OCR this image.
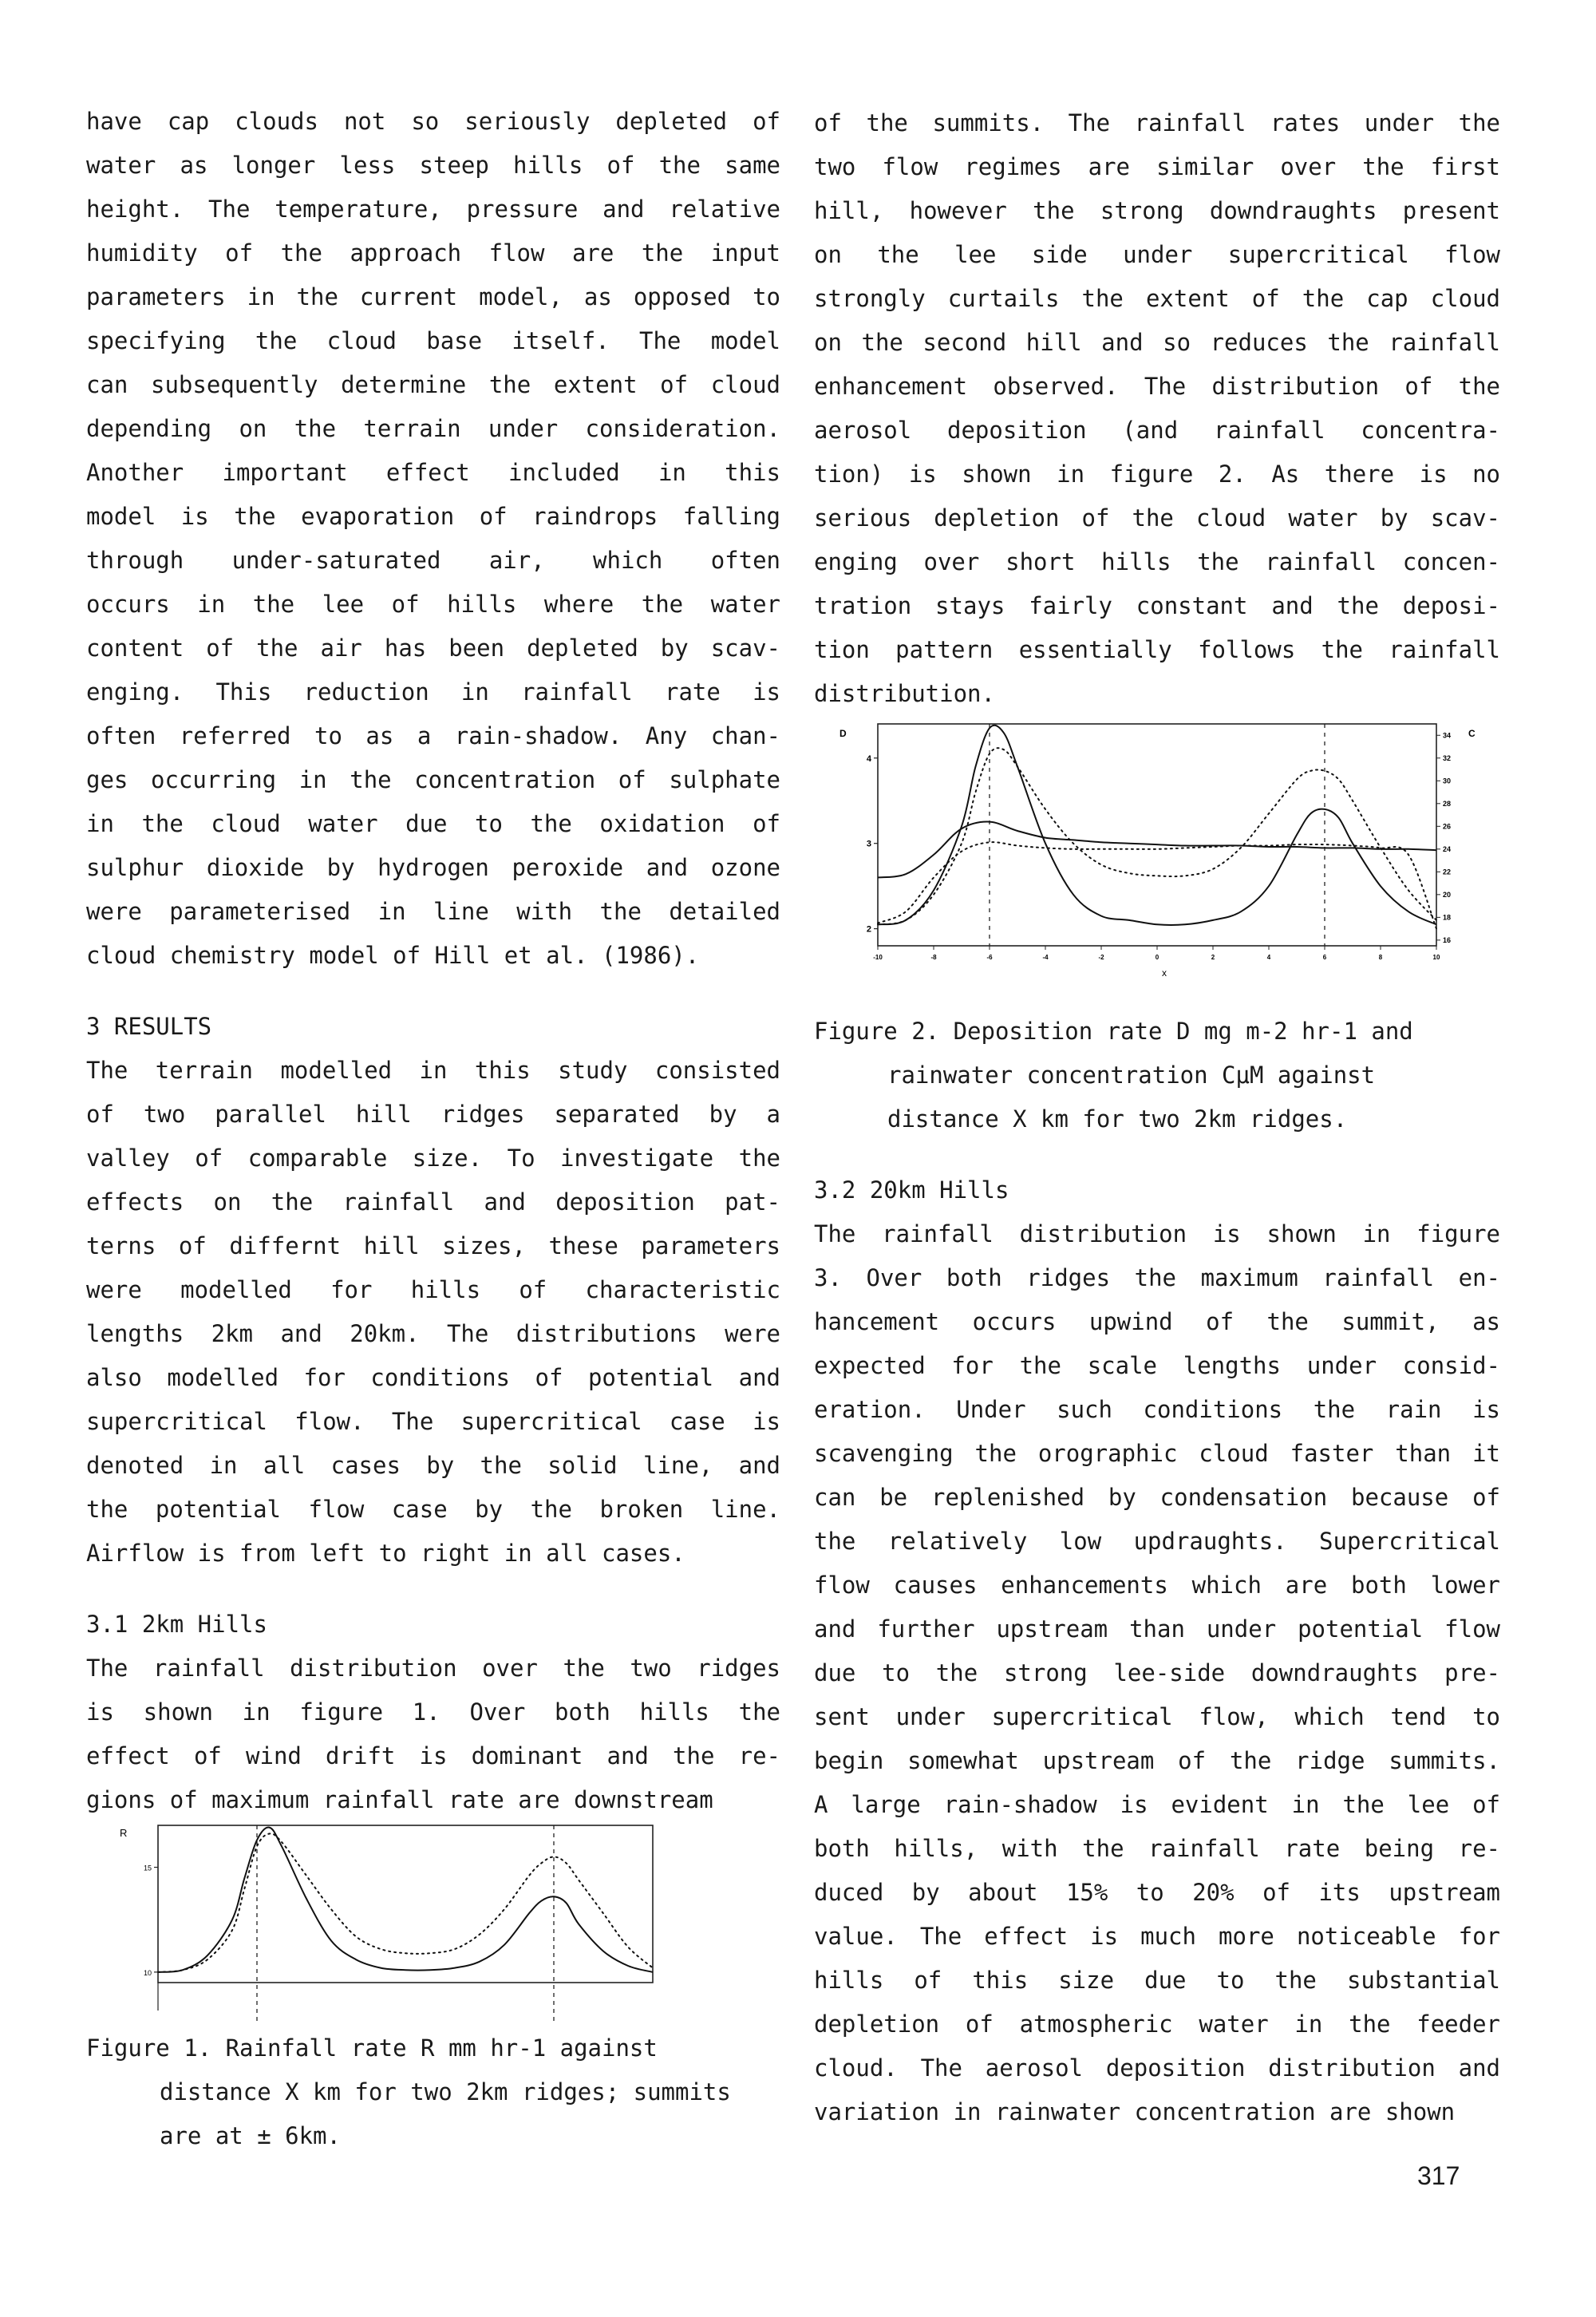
have cap clouds not so seriously depleted of
water as longer less steep hills of the same
height. The temperature, pressure and relative
humidity of the approach flow are the input
parameters in the current model, as opposed to
specifying the cloud base itself. The model
can subsequently determine the extent of cloud
depending on the terrain under consideration.
Another important effect included in this
model is the evaporation of raindrops falling
through under-saturated air, which often
occurs in the lee of hills where the water
content of the air has been depleted by scav-
enging. This reduction in rainfall rate is
often referred to as a rain-shadow. Any chan-
ges occurring in the concentration of sulphate
in the cloud water due to the oxidation of
sulphur dioxide by hydrogen peroxide and ozone
were parameterised in line with the detailed
cloud chemistry model of Hill et al. (1986).
3 RESULTS
The terrain modelled in this study consisted
of two parallel hill ridges separated by a
valley of comparable size. To investigate the
effects on the rainfall and deposition pat-
terns of differnt hill sizes, these parameters
were modelled for hills of characteristic
lengths 2km and 20km. The distributions were
also modelled for conditions of potential and
supercritical flow. The supercritical case is
denoted in all cases by the solid line, and
the potential flow case by the broken line.
Airflow is from left to right in all cases.
3.1 2km Hills
The rainfall distribution over the two ridges
is shown in figure 1. Over both hills the
effect of wind drift is dominant and the re-
gions of maximum rainfall rate are downstream
R
15
10
Figure 1. Rainfall rate R mm hr-1 against
distance X km for two 2km ridges; summits
are at ± 6km.
of the summits. The rainfall rates under the
two flow regimes are similar over the first
hill, however the strong downdraughts present
on the lee side under supercritical flow
strongly curtails the extent of the cap cloud
on the second hill and so reduces the rainfall
enhancement observed. The distribution of the
aerosol deposition (and rainfall concentra-
tion) is shown in figure 2. As there is no
serious depletion of the cloud water by scav-
enging over short hills the rainfall concen-
tration stays fairly constant and the deposi-
tion pattern essentially follows the rainfall
distribution.
D	C
4
3
2
34
32
30
28
26
24
22
20
18
16
-10	-8	-6	-4	-2	0	2	4	6	8	10
x
Figure 2. Deposition rate D mg m-2 hr-1 and
rainwater concentration CμM against
distance X km for two 2km ridges.
3.2 20km Hills
The rainfall distribution is shown in figure
3. Over both ridges the maximum rainfall en-
hancement occurs upwind of the summit, as
expected for the scale lengths under consid-
eration. Under such conditions the rain is
scavenging the orographic cloud faster than it
can be replenished by condensation because of
the relatively low updraughts. Supercritical
flow causes enhancements which are both lower
and further upstream than under potential flow
due to the strong lee-side downdraughts pre-
sent under supercritical flow, which tend to
begin somewhat upstream of the ridge summits.
A large rain-shadow is evident in the lee of
both hills, with the rainfall rate being re-
duced by about 15% to 20% of its upstream
value. The effect is much more noticeable for
hills of this size due to the substantial
depletion of atmospheric water in the feeder
cloud. The aerosol deposition distribution and
variation in rainwater concentration are shown
317
